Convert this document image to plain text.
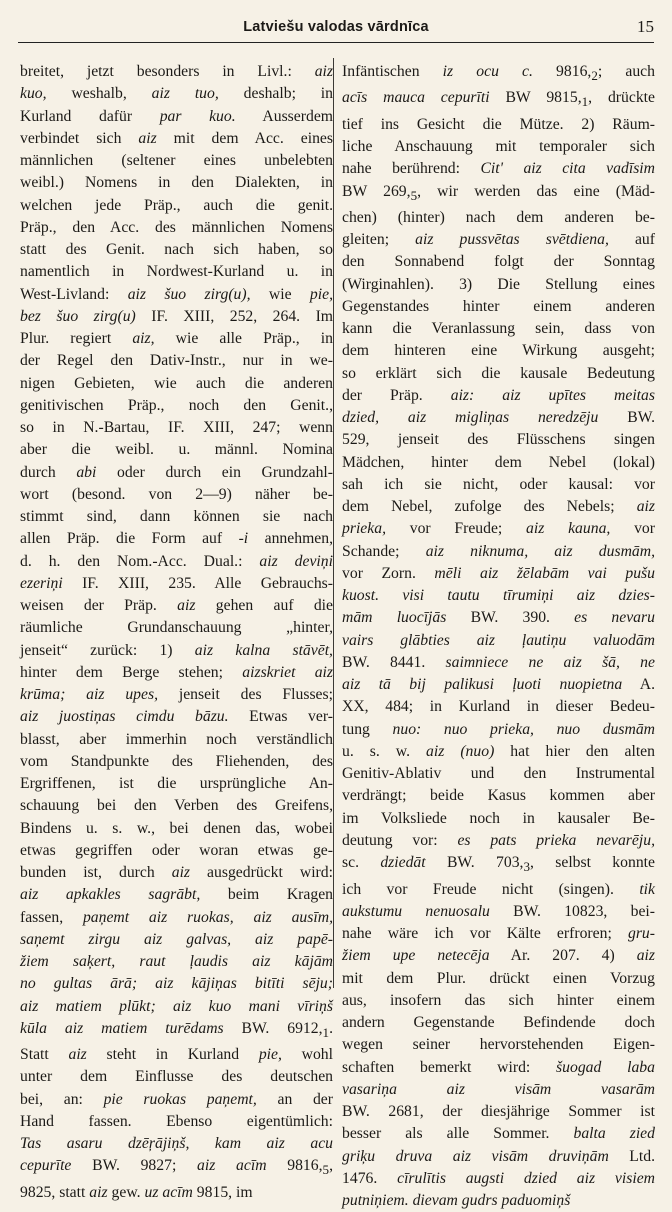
Latviešu valodas vārdnīca	15
breitet, jetzt besonders in Livl.: aiz
kuo, weshalb, aiz tuo, deshalb; in
Kurland dafür par kuo. Ausserdem
verbindet sich aiz mit dem Acc. eines
männlichen (seltener eines unbelebten
weibl.) Nomens in den Dialekten, in
welchen jede Präp., auch die genit.
Präp., den Acc. des männlichen Nomens
statt des Genit. nach sich haben, so
namentlich in Nordwest-Kurland u. in
West-Livland: aiz šuo zirg(u), wie pie,
bez šuo zirg(u) IF. XIII, 252, 264. Im
Plur. regiert aiz, wie alle Präp., in
der Regel den Dativ-Instr., nur in we-
nigen Gebieten, wie auch die anderen
genitivischen Präp., noch den Genit.,
so in N.-Bartau, IF. XIII, 247; wenn
aber die weibl. u. männl. Nomina
durch abi oder durch ein Grundzahl-
wort (besond. von 2—9) näher be-
stimmt sind, dann können sie nach
allen Präp. die Form auf -i annehmen,
d. h. den Nom.-Acc. Dual.: aiz deviņi
ezeriņi IF. XIII, 235. Alle Gebrauchs-
weisen der Präp. aiz gehen auf die
räumliche Grundanschauung „hinter,
jenseit“ zurück: 1) aiz kalna stāvēt,
hinter dem Berge stehen; aizskriet aiz
krūma; aiz upes, jenseit des Flusses;
aiz juostiņas cimdu bāzu. Etwas ver-
blasst, aber immerhin noch verständlich
vom Standpunkte des Fliehenden, des
Ergriffenen, ist die ursprüngliche An-
schauung bei den Verben des Greifens,
Bindens u. s. w., bei denen das, wobei
etwas gegriffen oder woran etwas ge-
bunden ist, durch aiz ausgedrückt wird:
aiz apkakles sagrābt, beim Kragen
fassen, paņemt aiz ruokas, aiz ausīm,
saņemt zirgu aiz galvas, aiz papē-
žiem saķert, raut ļaudis aiz kājām
no gultas ārā; aiz kājiņas bitīti sēju;
aiz matiem plūkt; aiz kuo mani vīriņš
kūla aiz matiem turēdams BW. $6912,_1$.
Statt aiz steht in Kurland pie, wohl
unter dem Einflusse des deutschen
bei, an: pie ruokas paņemt, an der
Hand fassen. Ebenso eigentümlich:
Tas asaru dzēŗājiņš, kam aiz acu
cepurīte BW. 9827; aiz acīm $9816,_5$,
9825, statt aiz gew. uz acīm 9815, im
Infäntischen iz ocu c. $9816,_2$; auch
acīs mauca cepurīti BW $9815,_1$, drückte
tief ins Gesicht die Mütze. 2) Räum-
liche Anschauung mit temporaler sich
nahe berührend: Cit' aiz cita vadīsim
BW $269,_5$, wir werden das eine (Mäd-
chen) (hinter) nach dem anderen be-
gleiten; aiz pussvētas svētdiena, auf
den Sonnabend folgt der Sonntag
(Wirginahlen). 3) Die Stellung eines
Gegenstandes hinter einem anderen
kann die Veranlassung sein, dass von
dem hinteren eine Wirkung ausgeht;
so erklärt sich die kausale Bedeutung
der Präp. aiz: aiz upītes meitas
dzied, aiz migliņas neredzēju BW.
529, jenseit des Flüsschens singen
Mädchen, hinter dem Nebel (lokal)
sah ich sie nicht, oder kausal: vor
dem Nebel, zufolge des Nebels; aiz
prieka, vor Freude; aiz kauna, vor
Schande; aiz niknuma, aiz dusmām,
vor Zorn. mēli aiz žēlabām vai pušu
kuost. visi tautu tīrumiņi aiz dzies-
mām luocījās BW. 390. es nevaru
vairs glābties aiz ļautiņu valuodām
BW. 8441. saimniece ne aiz šā, ne
aiz tā bij palikusi ļuoti nuopietna A.
XX, 484; in Kurland in dieser Bedeu-
tung nuo: nuo prieka, nuo dusmām
u. s. w. aiz (nuo) hat hier den alten
Genitiv-Ablativ und den Instrumental
verdrängt; beide Kasus kommen aber
im Volksliede noch in kausaler Be-
deutung vor: es pats prieka nevarēju,
sc. dziedāt BW. $703,_3$, selbst konnte
ich vor Freude nicht (singen). tik
aukstumu nenuosalu BW. 10823, bei-
nahe wäre ich vor Kälte erfroren; gru-
žiem upe netecēja Ar. 207. 4) aiz
mit dem Plur. drückt einen Vorzug
aus, insofern das sich hinter einem
andern Gegenstande Befindende doch
wegen seiner hervorstehenden Eigen-
schaften bemerkt wird: šuogad laba
vasariņa aiz visām vasarām
BW. 2681, der diesjährige Sommer ist
besser als alle Sommer. balta zied
griķu druva aiz visām druviņām Ltd.
1476. cīrulītis augsti dzied aiz visiem
putniņiem. dievam gudrs paduomiņš
